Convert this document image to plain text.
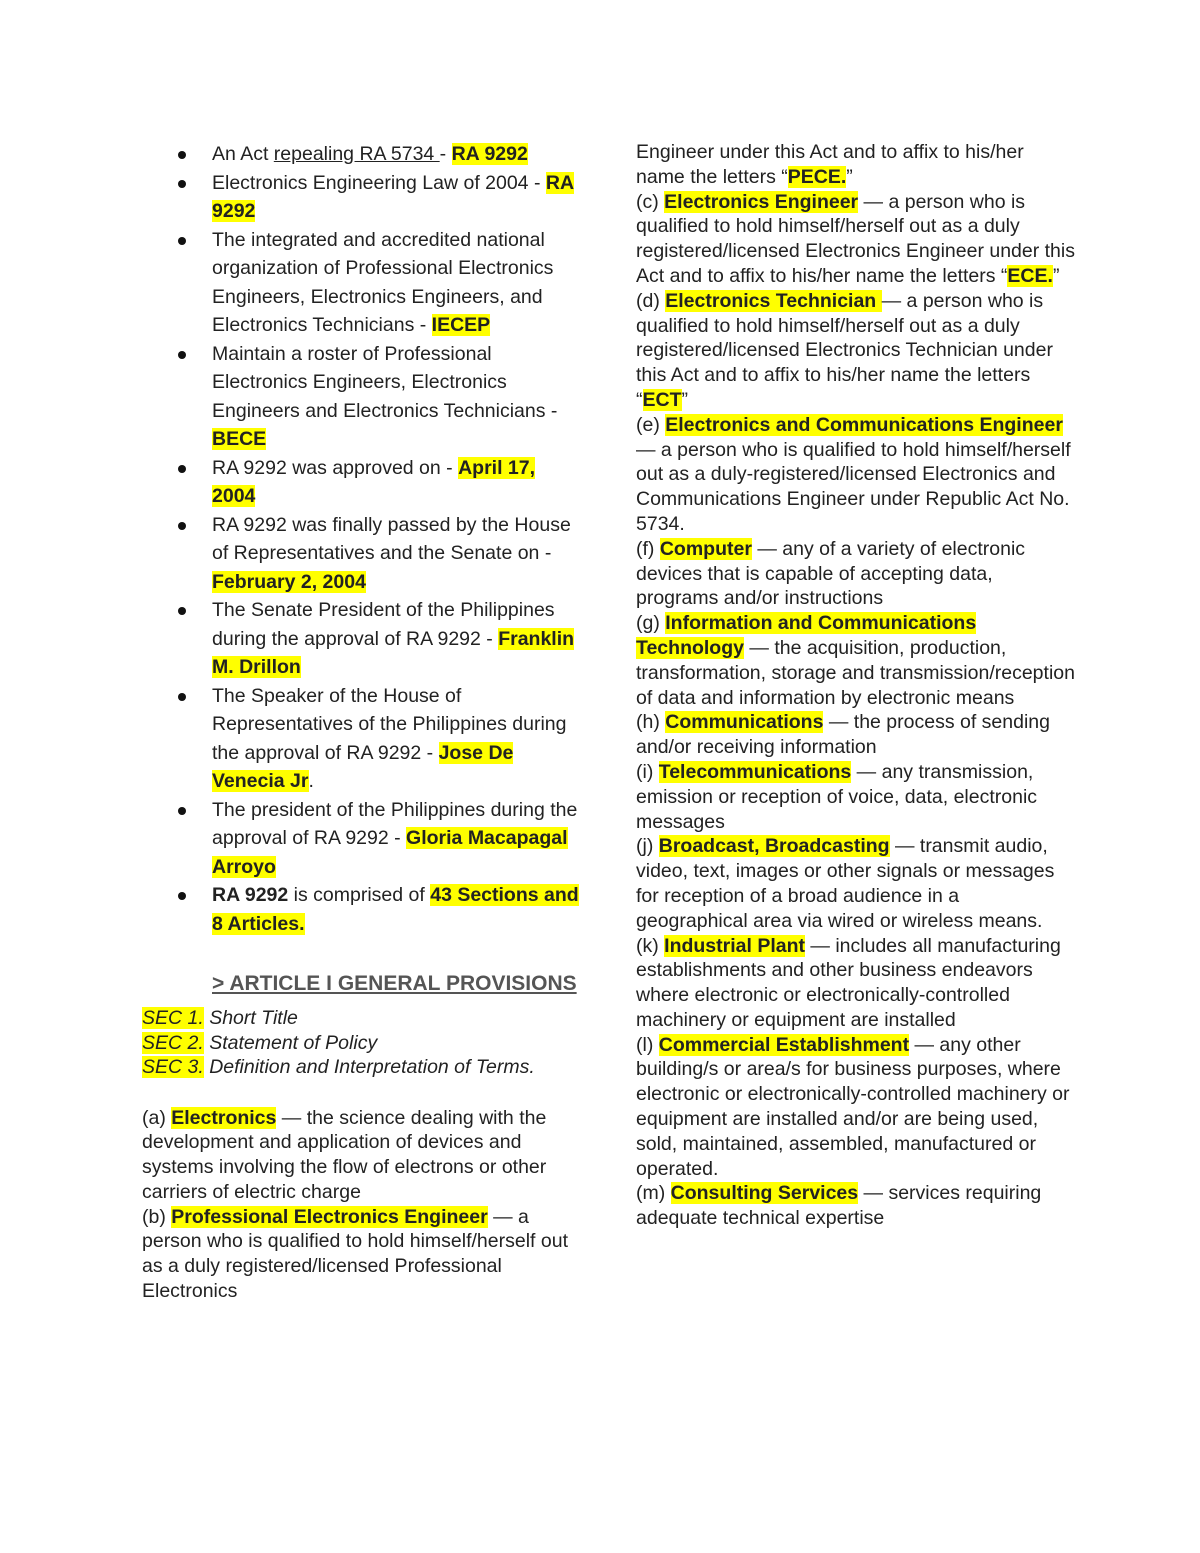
An Act repealing RA 5734 - RA 9292
Electronics Engineering Law of 2004 - RA 9292
The integrated and accredited national organization of Professional Electronics Engineers, Electronics Engineers, and Electronics Technicians - IECEP
Maintain a roster of Professional Electronics Engineers, Electronics Engineers and Electronics Technicians - BECE
RA 9292 was approved on - April 17, 2004
RA 9292 was finally passed by the House of Representatives and the Senate on - February 2, 2004
The Senate President of the Philippines during the approval of RA 9292 - Franklin M. Drillon
The Speaker of the House of Representatives of the Philippines during the approval of RA 9292 - Jose De Venecia Jr.
The president of the Philippines during the approval of RA 9292 - Gloria Macapagal Arroyo
RA 9292 is comprised of 43 Sections and 8 Articles.
> ARTICLE I GENERAL PROVISIONS
SEC 1. Short Title
SEC 2. Statement of Policy
SEC 3. Definition and Interpretation of Terms.
(a) Electronics — the science dealing with the development and application of devices and systems involving the flow of electrons or other carriers of electric charge
(b) Professional Electronics Engineer — a person who is qualified to hold himself/herself out as a duly registered/licensed Professional Electronics
Engineer under this Act and to affix to his/her name the letters “PECE.”
(c) Electronics Engineer — a person who is qualified to hold himself/herself out as a duly registered/licensed Electronics Engineer under this Act and to affix to his/her name the letters “ECE.”
(d) Electronics Technician — a person who is qualified to hold himself/herself out as a duly registered/licensed Electronics Technician under this Act and to affix to his/her name the letters “ECT”
(e) Electronics and Communications Engineer — a person who is qualified to hold himself/herself out as a duly-registered/licensed Electronics and Communications Engineer under Republic Act No. 5734.
(f) Computer — any of a variety of electronic devices that is capable of accepting data, programs and/or instructions
(g) Information and Communications Technology — the acquisition, production, transformation, storage and transmission/reception of data and information by electronic means
(h) Communications — the process of sending and/or receiving information
(i) Telecommunications — any transmission, emission or reception of voice, data, electronic messages
(j) Broadcast, Broadcasting — transmit audio, video, text, images or other signals or messages for reception of a broad audience in a geographical area via wired or wireless means.
(k) Industrial Plant — includes all manufacturing establishments and other business endeavors where electronic or electronically-controlled machinery or equipment are installed
(l) Commercial Establishment — any other building/s or area/s for business purposes, where electronic or electronically-controlled machinery or equipment are installed and/or are being used, sold, maintained, assembled, manufactured or operated.
(m) Consulting Services — services requiring adequate technical expertise
